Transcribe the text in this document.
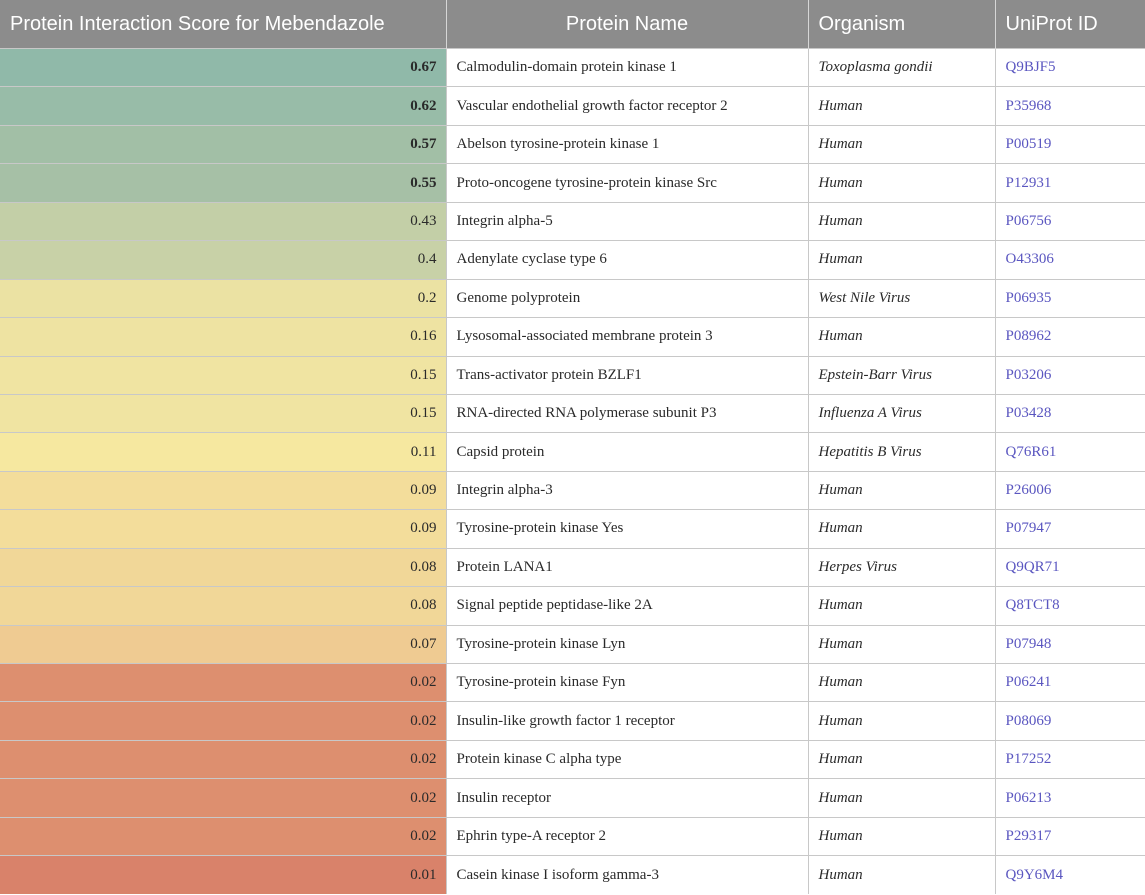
Protein Interaction Score for Mebendazole	Protein Name	Organism	UniProt ID
0.67	Calmodulin-domain protein kinase 1	Toxoplasma gondii	Q9BJF5
0.62	Vascular endothelial growth factor receptor 2	Human	P35968
0.57	Abelson tyrosine-protein kinase 1	Human	P00519
0.55	Proto-oncogene tyrosine-protein kinase Src	Human	P12931
0.43	Integrin alpha-5	Human	P06756
0.4	Adenylate cyclase type 6	Human	O43306
0.2	Genome polyprotein	West Nile Virus	P06935
0.16	Lysosomal-associated membrane protein 3	Human	P08962
0.15	Trans-activator protein BZLF1	Epstein-Barr Virus	P03206
0.15	RNA-directed RNA polymerase subunit P3	Influenza A Virus	P03428
0.11	Capsid protein	Hepatitis B Virus	Q76R61
0.09	Integrin alpha-3	Human	P26006
0.09	Tyrosine-protein kinase Yes	Human	P07947
0.08	Protein LANA1	Herpes Virus	Q9QR71
0.08	Signal peptide peptidase-like 2A	Human	Q8TCT8
0.07	Tyrosine-protein kinase Lyn	Human	P07948
0.02	Tyrosine-protein kinase Fyn	Human	P06241
0.02	Insulin-like growth factor 1 receptor	Human	P08069
0.02	Protein kinase C alpha type	Human	P17252
0.02	Insulin receptor	Human	P06213
0.02	Ephrin type-A receptor 2	Human	P29317
0.01	Casein kinase I isoform gamma-3	Human	Q9Y6M4
